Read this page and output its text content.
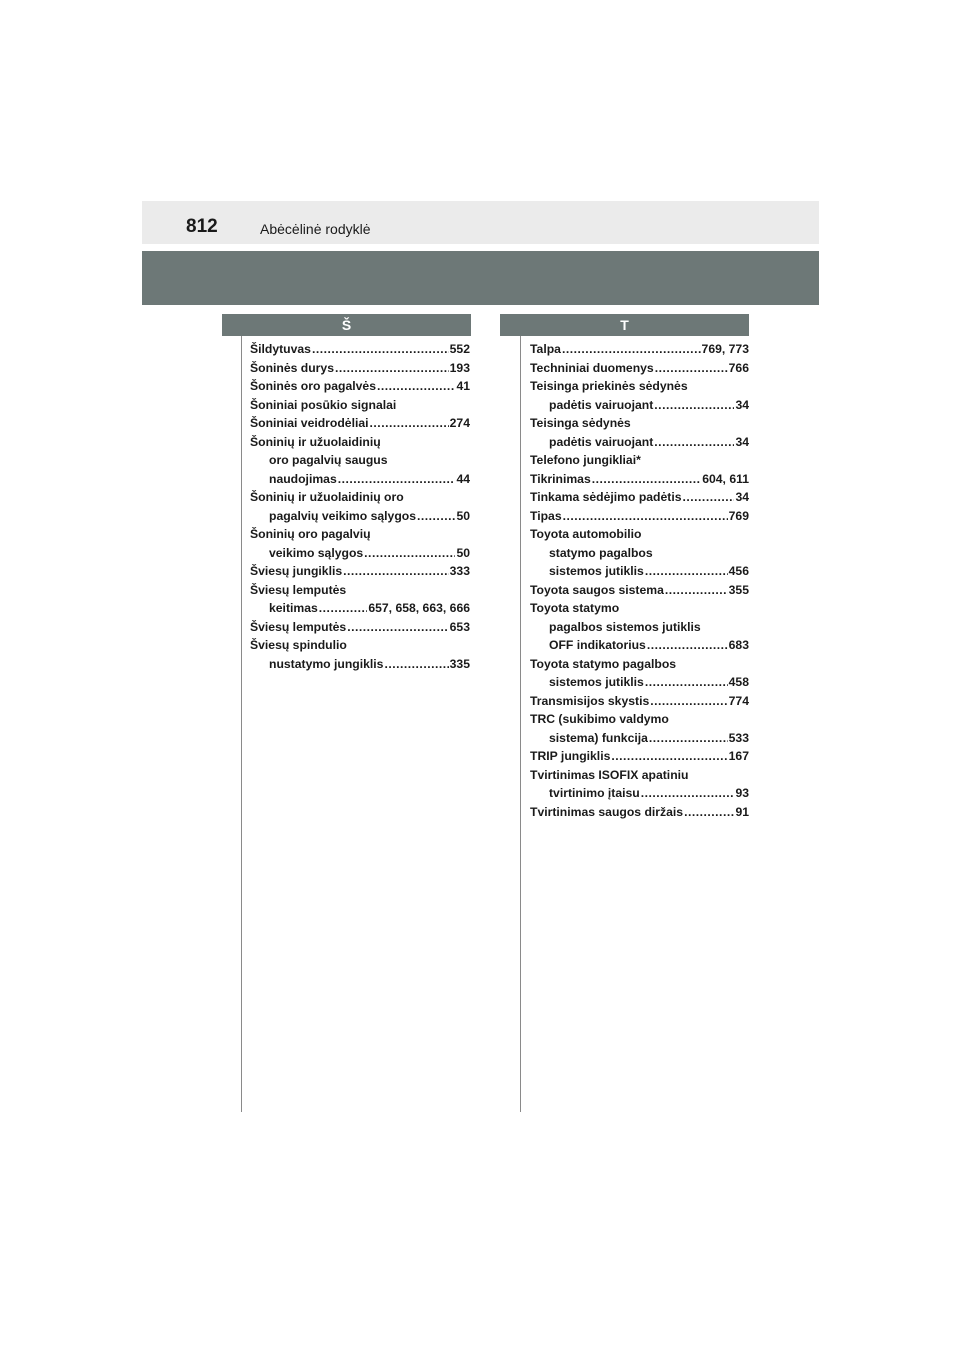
812	Abėcėlinė rodyklė
Š	T
Šildytuvas .....	552
Šoninės durys .....	193
Šoninės oro pagalvės .....	41
Šoniniai posūkio signalai
Šoniniai veidrodėliai .....	274
Šoninių ir užuolaidinių
oro pagalvių saugus
naudojimas .....	44
Šoninių ir užuolaidinių oro
pagalvių veikimo sąlygos .....	50
Šoninių oro pagalvių
veikimo sąlygos .....	50
Šviesų jungiklis .....	333
Šviesų lemputės
keitimas .....	657, 658, 663, 666
Šviesų lemputės .....	653
Šviesų spindulio
nustatymo jungiklis .....	335
Talpa .....	769, 773
Techniniai duomenys .....	766
Teisinga priekinės sėdynės
padėtis vairuojant .....	34
Teisinga sėdynės
padėtis vairuojant .....	34
Telefono jungikliai*
Tikrinimas .....	604, 611
Tinkama sėdėjimo padėtis .....	34
Tipas .....	769
Toyota automobilio
statymo pagalbos
sistemos jutiklis .....	456
Toyota saugos sistema .....	355
Toyota statymo
pagalbos sistemos jutiklis
OFF indikatorius .....	683
Toyota statymo pagalbos
sistemos jutiklis .....	458
Transmisijos skystis .....	774
TRC (sukibimo valdymo
sistema) funkcija .....	533
TRIP jungiklis .....	167
Tvirtinimas ISOFIX apatiniu
tvirtinimo įtaisu .....	93
Tvirtinimas saugos diržais .....	91
